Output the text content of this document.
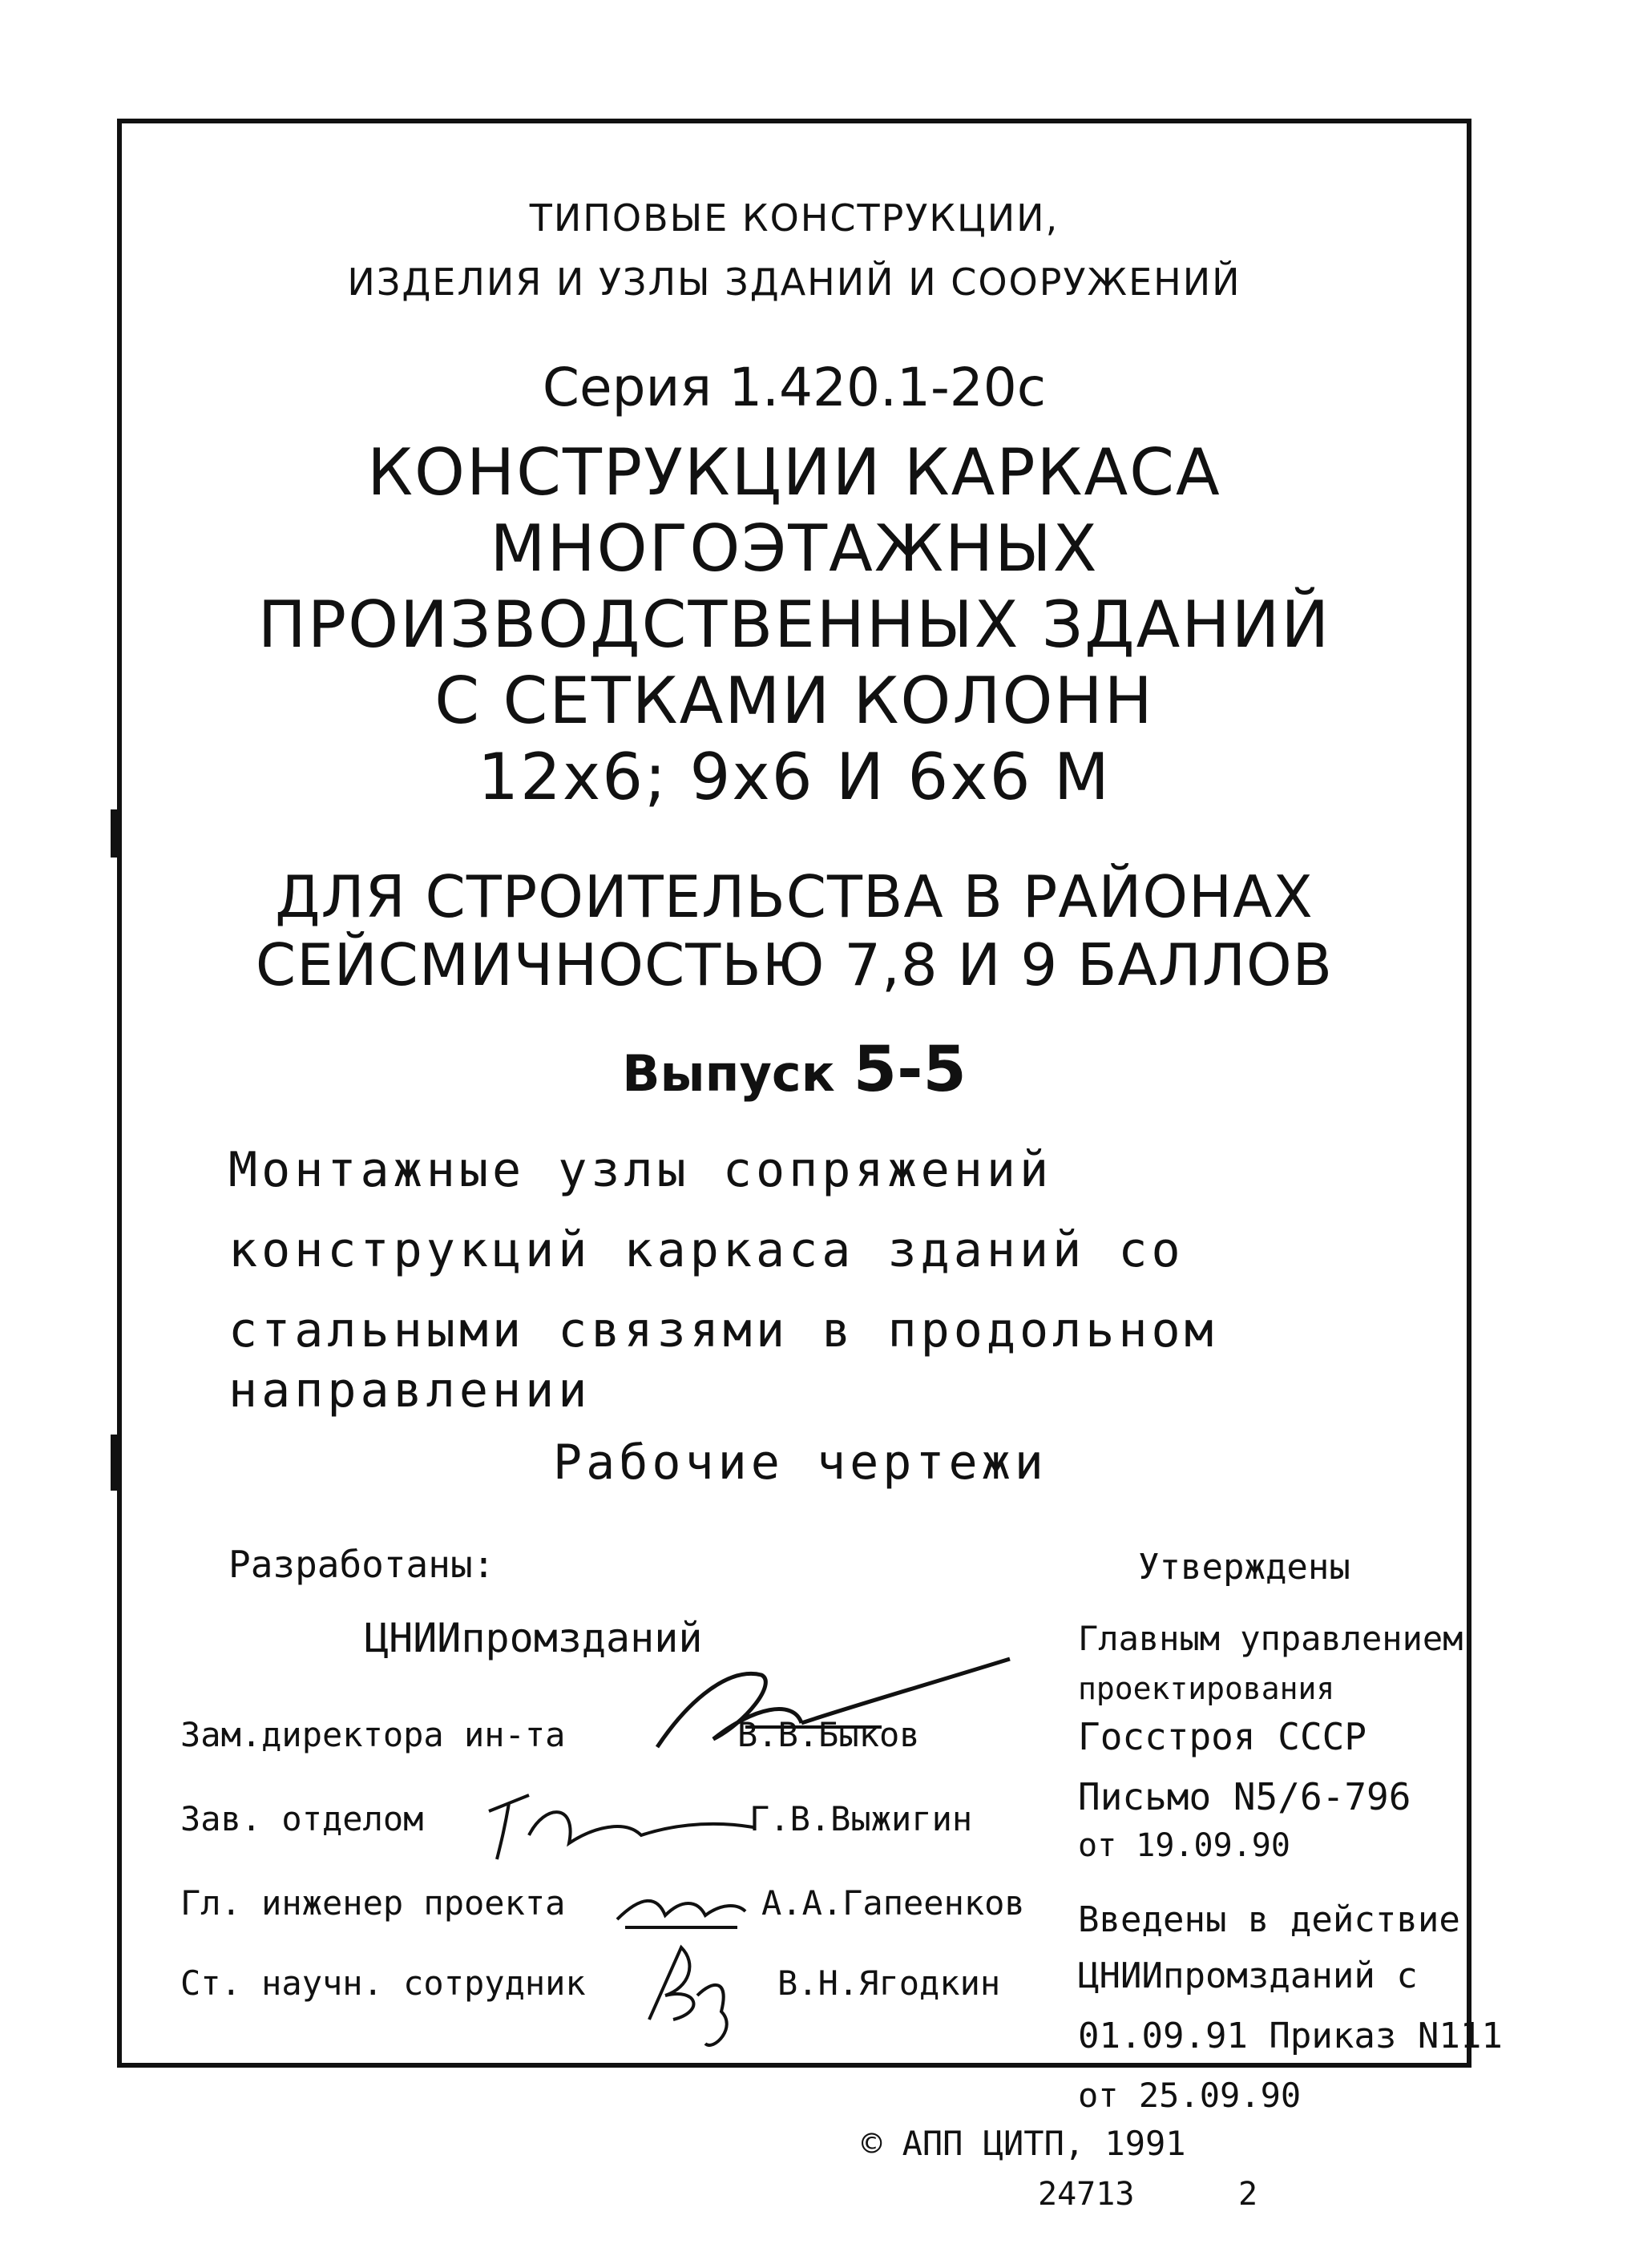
ТИПОВЫЕ КОНСТРУКЦИИ,
ИЗДЕЛИЯ И УЗЛЫ ЗДАНИЙ И СООРУЖЕНИЙ
Серия 1.420.1-20с
КОНСТРУКЦИИ КАРКАСА
МНОГОЭТАЖНЫХ
ПРОИЗВОДСТВЕННЫХ ЗДАНИЙ
С СЕТКАМИ КОЛОНН
12х6; 9х6 И 6х6 М
ДЛЯ СТРОИТЕЛЬСТВА В РАЙОНАХ
СЕЙСМИЧНОСТЬЮ 7,8 И 9 БАЛЛОВ
Выпуск 5-5
Монтажные узлы сопряжений
конструкций каркаса зданий со
стальными связями в продольном
направлении
Рабочие чертежи
Разработаны:
ЦНИИпромзданий
Зам.директора ин-та	В.В.Быков
Зав. отделом	Г.В.Выжигин
Гл. инженер проекта	А.А.Гапеенков
Ст. научн. сотрудник	В.Н.Ягодкин
Утверждены
Главным управлением
проектирования
Госстроя СССР
Письмо N5/6-796
от 19.09.90
Введены в действие
ЦНИИпромзданий с
01.09.91 Приказ N111
от 25.09.90
© АПП ЦИТП, 1991
24713	2
